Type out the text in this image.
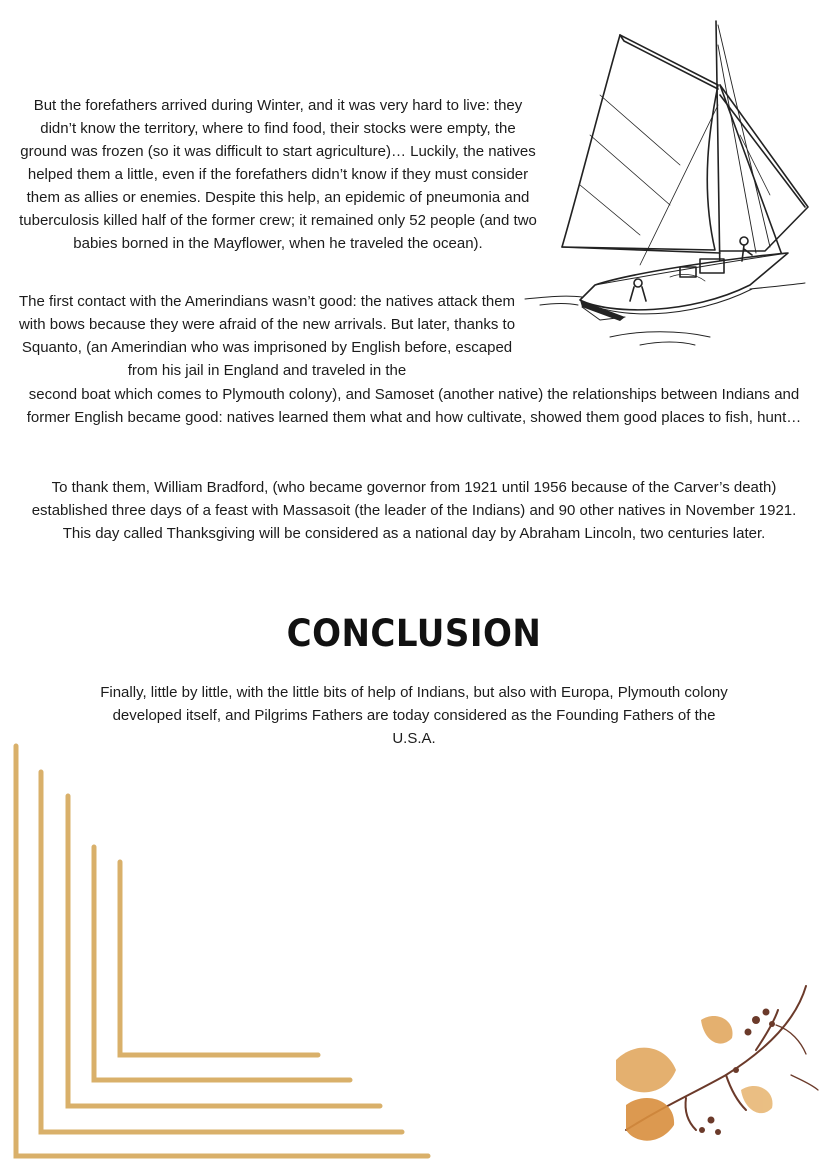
But the forefathers arrived during Winter, and it was very hard to live: they didn’t know the territory, where to find food, their stocks were empty, the ground was frozen (so it was difficult to start agriculture)… Luckily, the natives helped them a little, even if the forefathers didn’t know if they must consider them as allies or enemies. Despite this help, an epidemic of pneumonia and tuberculosis killed half of the former crew; it remained only 52 people (and two babies borned in the Mayflower, when he traveled the ocean).

The first contact with the Amerindians wasn’t good: the natives attack them with bows because they were afraid of the new arrivals. But later, thanks to Squanto, (an Amerindian who was imprisoned by English before, escaped from his jail in England and traveled in the

second boat which comes to Plymouth colony), and Samoset (another native) the relationships between Indians and former English became good: natives learned them what and how cultivate, showed them good places to fish, hunt…

To thank them, William Bradford, (who became governor from 1921 until 1956 because of the Carver’s death) established three days of a feast with Massasoit (the leader of the Indians) and 90 other natives in November 1921. This day called Thanksgiving will be considered as a national day by Abraham Lincoln, two centuries later.

CONCLUSION

Finally, little by little, with the little bits of help of Indians, but also with Europa, Plymouth colony developed itself, and Pilgrims Fathers are today considered as the Founding Fathers of the U.S.A.
